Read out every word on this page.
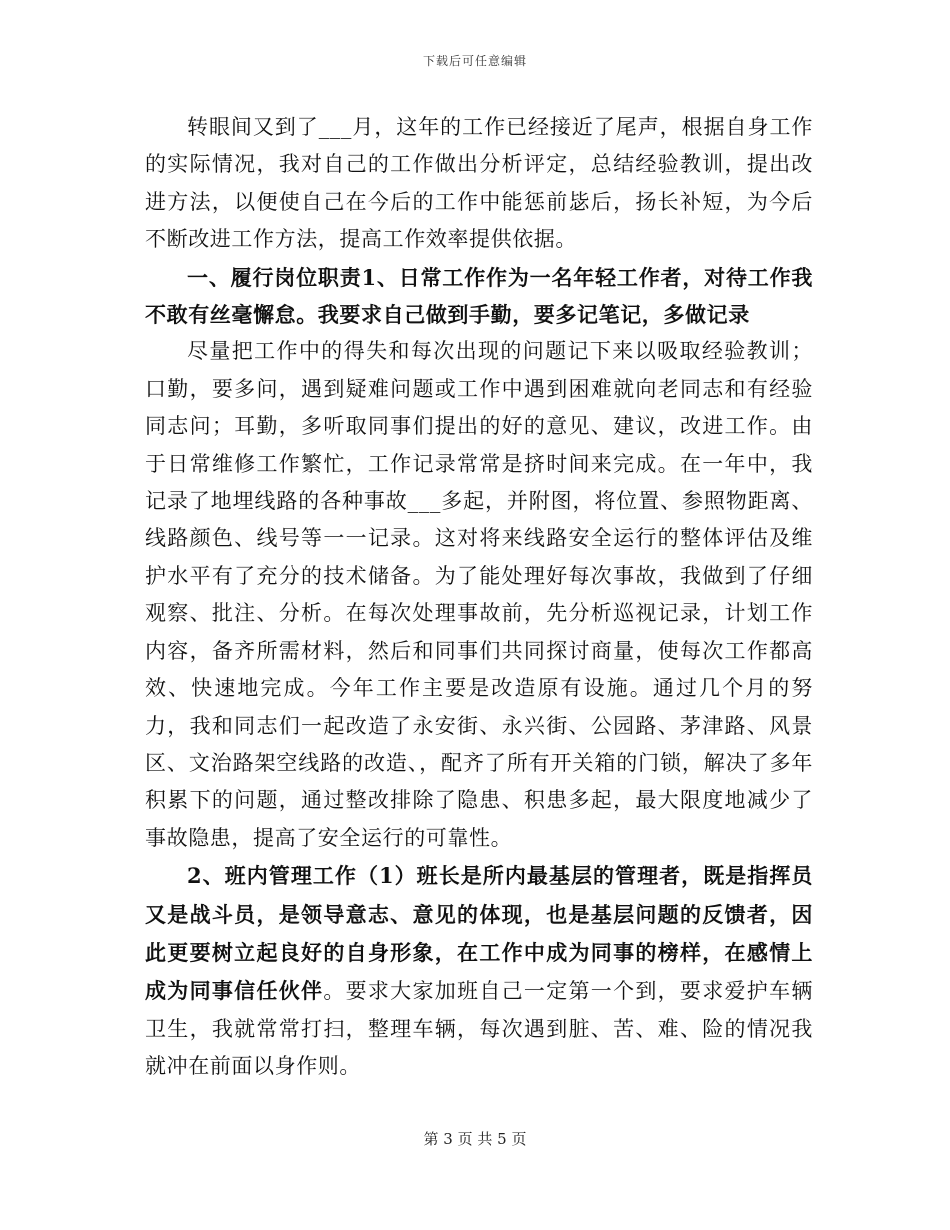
下载后可任意编辑

转眼间又到了___月，这年的工作已经接近了尾声，根据自身工作的实际情况，我对自己的工作做出分析评定，总结经验教训，提出改进方法，以便使自己在今后的工作中能惩前毖后，扬长补短，为今后不断改进工作方法，提高工作效率提供依据。

一、履行岗位职责1、日常工作作为一名年轻工作者，对待工作我不敢有丝毫懈怠。我要求自己做到手勤，要多记笔记，多做记录

尽量把工作中的得失和每次出现的问题记下来以吸取经验教训；口勤，要多问，遇到疑难问题或工作中遇到困难就向老同志和有经验同志问；耳勤，多听取同事们提出的好的意见、建议，改进工作。由于日常维修工作繁忙，工作记录常常是挤时间来完成。在一年中，我记录了地埋线路的各种事故___多起，并附图，将位置、参照物距离、线路颜色、线号等一一记录。这对将来线路安全运行的整体评估及维护水平有了充分的技术储备。为了能处理好每次事故，我做到了仔细观察、批注、分析。在每次处理事故前，先分析巡视记录，计划工作内容，备齐所需材料，然后和同事们共同探讨商量，使每次工作都高效、快速地完成。今年工作主要是改造原有设施。通过几个月的努力，我和同志们一起改造了永安街、永兴街、公园路、茅津路、风景区、文治路架空线路的改造、，配齐了所有开关箱的门锁，解决了多年积累下的问题，通过整改排除了隐患、积患多起，最大限度地减少了事故隐患，提高了安全运行的可靠性。

2、班内管理工作（1）班长是所内最基层的管理者，既是指挥员又是战斗员，是领导意志、意见的体现，也是基层问题的反馈者，因此更要树立起良好的自身形象，在工作中成为同事的榜样，在感情上成为同事信任伙伴。要求大家加班自己一定第一个到，要求爱护车辆卫生，我就常常打扫，整理车辆，每次遇到脏、苦、难、险的情况我就冲在前面以身作则。

第 3 页 共 5 页
